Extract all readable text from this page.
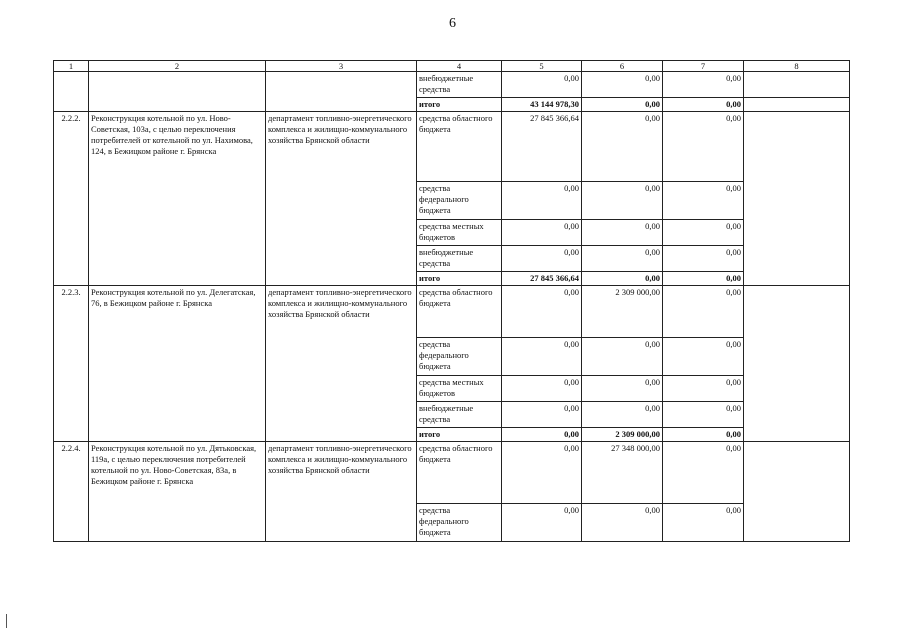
6
1	2	3	4	5	6	7	8
			внебюджетные средства	0,00	0,00	0,00	
			итого	43 144 978,30	0,00	0,00	
2.2.2.	Реконструкция котельной по ул. Ново-Советская, 103а, с целью переключения потребителей от котельной по ул. Нахимова, 124, в Бежицком районе г. Брянска	департамент топливно-энергетического комплекса и жилищно-коммунального хозяйства Брянской области	средства областного бюджета	27 845 366,64	0,00	0,00	
			средства федерального бюджета	0,00	0,00	0,00	
			средства местных бюджетов	0,00	0,00	0,00	
			внебюджетные средства	0,00	0,00	0,00	
			итого	27 845 366,64	0,00	0,00	
2.2.3.	Реконструкция котельной по ул. Делегатская, 76, в Бежицком районе г. Брянска	департамент топливно-энергетического комплекса и жилищно-коммунального хозяйства Брянской области	средства областного бюджета	0,00	2 309 000,00	0,00	
			средства федерального бюджета	0,00	0,00	0,00	
			средства местных бюджетов	0,00	0,00	0,00	
			внебюджетные средства	0,00	0,00	0,00	
			итого	0,00	2 309 000,00	0,00	
2.2.4.	Реконструкция котельной по ул. Дятьковская, 119а, с целью переключения потребителей котельной по ул. Ново-Советская, 83а, в Бежицком районе г. Брянска	департамент топливно-энергетического комплекса и жилищно-коммунального хозяйства Брянской области	средства областного бюджета	0,00	27 348 000,00	0,00	
			средства федерального бюджета	0,00	0,00	0,00	
